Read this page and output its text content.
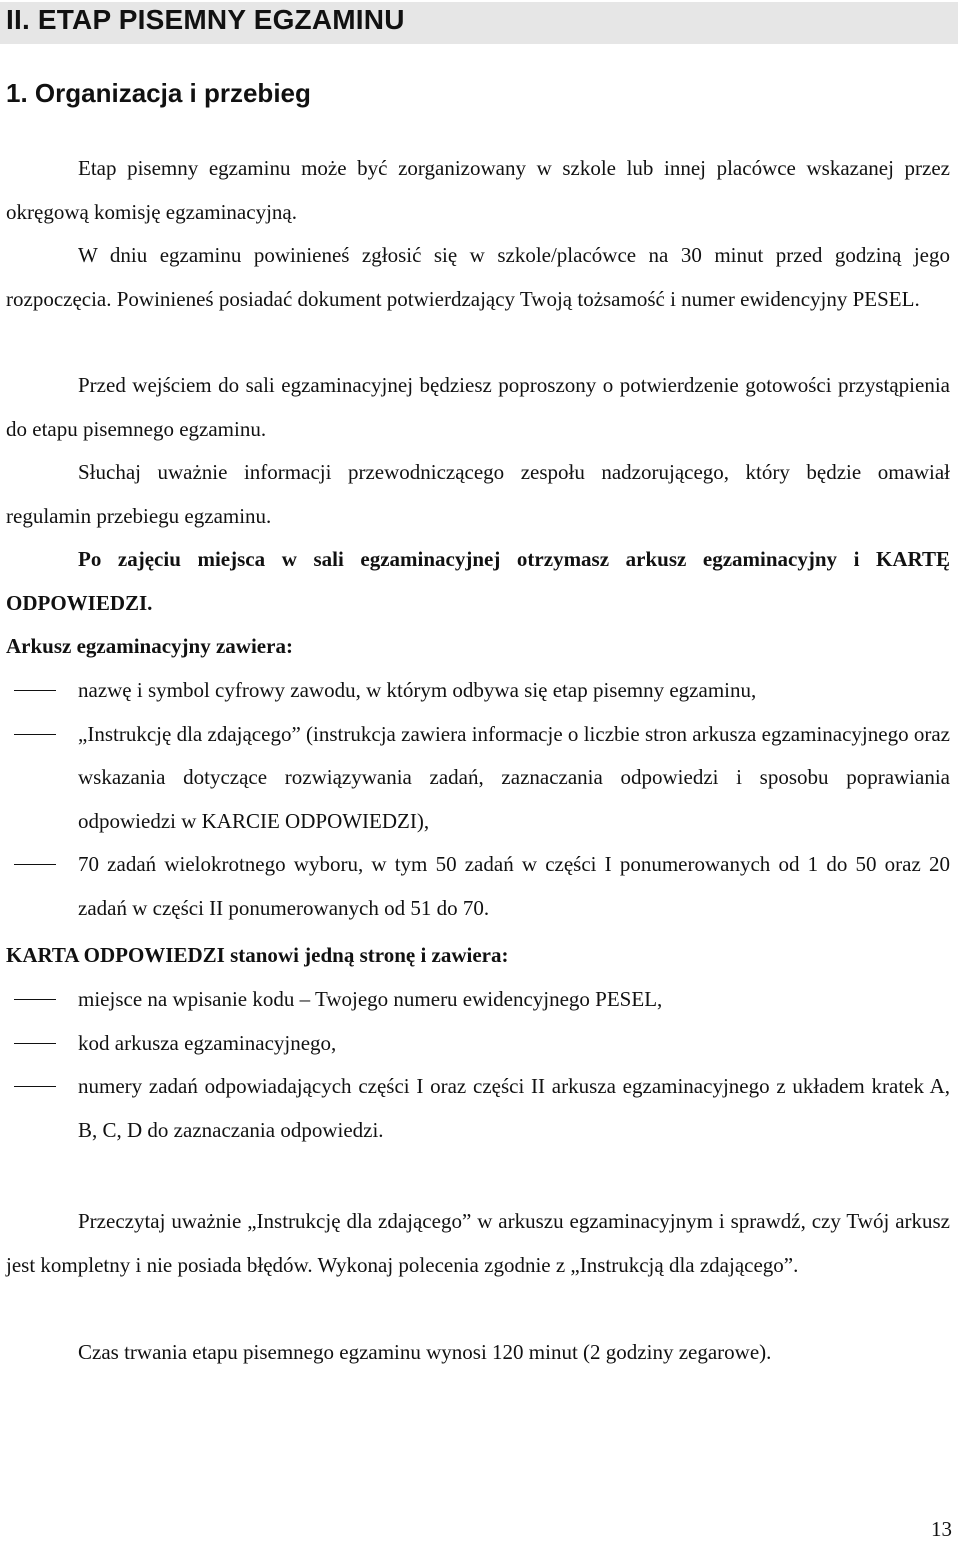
II. ETAP PISEMNY EGZAMINU
1. Organizacja i przebieg
Etap pisemny egzaminu może być zorganizowany w szkole lub innej placówce wskazanej przez okręgową komisję egzaminacyjną.
W dniu egzaminu powinieneś zgłosić się w szkole/placówce na 30 minut przed godziną jego rozpoczęcia. Powinieneś posiadać dokument potwierdzający Twoją tożsamość i numer ewidencyjny PESEL.
Przed wejściem do sali egzaminacyjnej będziesz poproszony o potwierdzenie gotowości przystąpienia do etapu pisemnego egzaminu.
Słuchaj uważnie informacji przewodniczącego zespołu nadzorującego, który będzie omawiał regulamin przebiegu egzaminu.
Po zajęciu miejsca w sali egzaminacyjnej otrzymasz arkusz egzaminacyjny i KARTĘ ODPOWIEDZI.
Arkusz egzaminacyjny zawiera:
nazwę i symbol cyfrowy zawodu, w którym odbywa się etap pisemny egzaminu,
„Instrukcję dla zdającego” (instrukcja zawiera informacje o liczbie stron arkusza egzaminacyjnego oraz wskazania dotyczące rozwiązywania zadań, zaznaczania odpowiedzi i sposobu poprawiania odpowiedzi w KARCIE ODPOWIEDZI),
70 zadań wielokrotnego wyboru, w tym 50 zadań w części I ponumerowanych od 1 do 50 oraz 20 zadań w części II ponumerowanych od 51 do 70.
KARTA ODPOWIEDZI stanowi jedną stronę i zawiera:
miejsce na wpisanie kodu – Twojego numeru ewidencyjnego PESEL,
kod arkusza egzaminacyjnego,
numery zadań odpowiadających części I oraz części II arkusza egzaminacyjnego z układem kratek A, B, C, D do zaznaczania odpowiedzi.
Przeczytaj uważnie „Instrukcję dla zdającego” w arkuszu egzaminacyjnym i sprawdź, czy Twój arkusz jest kompletny i nie posiada błędów. Wykonaj polecenia zgodnie z „Instrukcją dla zdającego”.
Czas trwania etapu pisemnego egzaminu wynosi 120 minut (2 godziny zegarowe).
13
